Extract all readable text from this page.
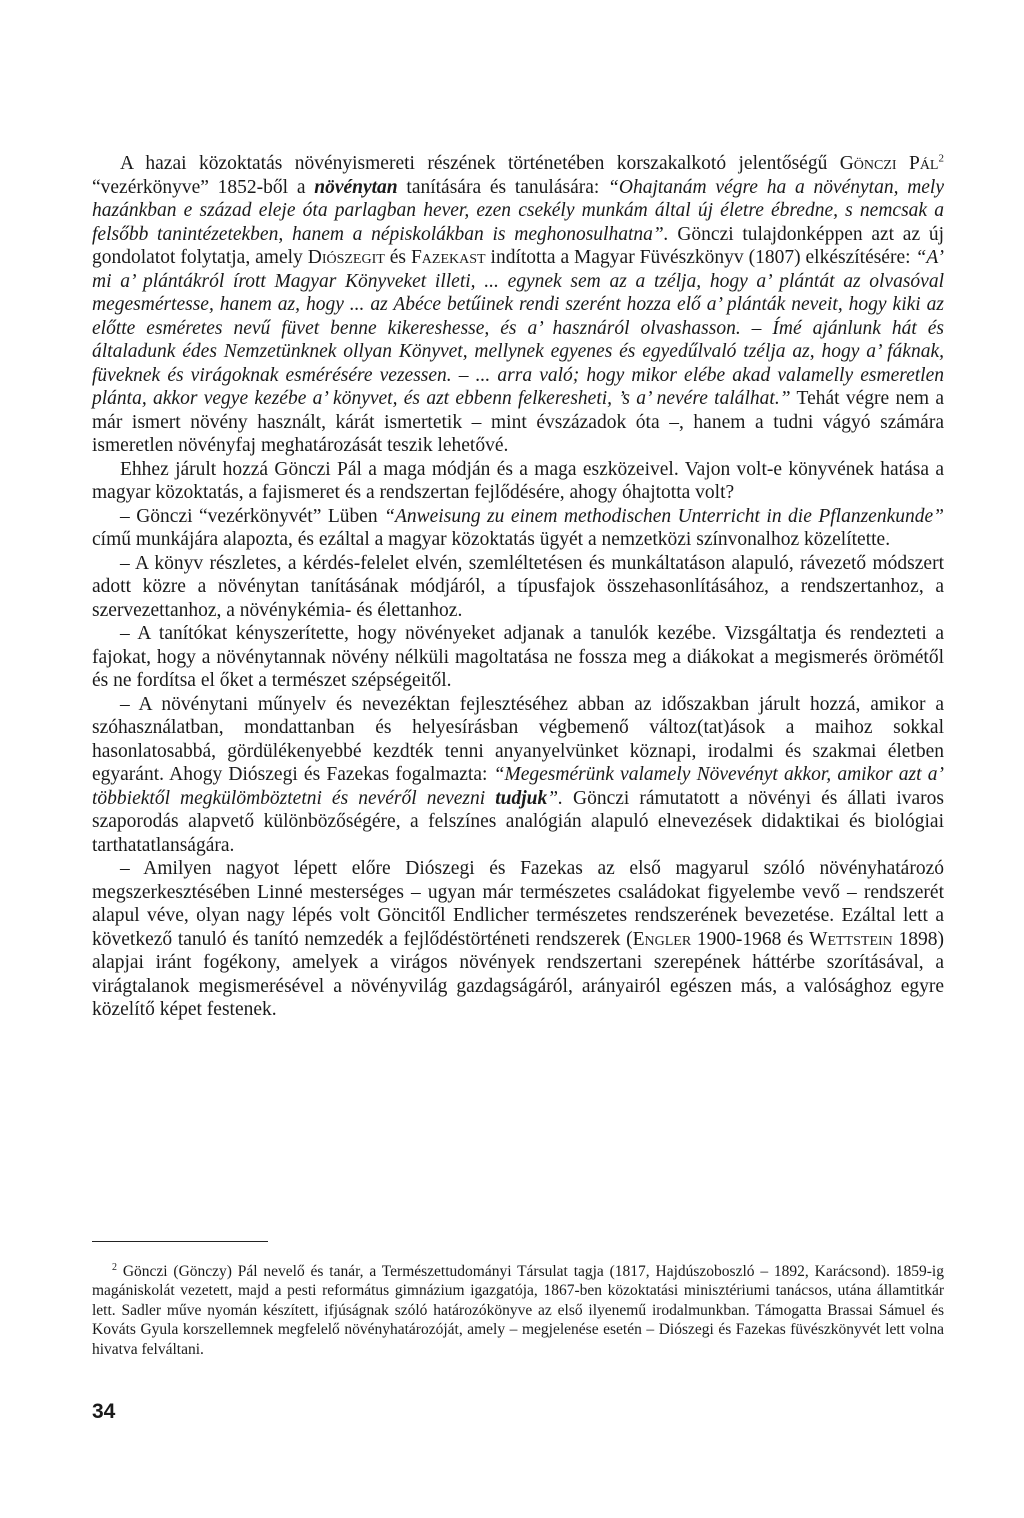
A hazai közoktatás növényismereti részének történetében korszakalkotó jelentőségű Gönczi Pál$^2$ “vezérkönyve” 1852-ből a növénytan tanítására és tanulására: “Ohajtanám végre ha a növénytan, mely hazánkban e század eleje óta parlagban hever, ezen csekély munkám által új életre ébredne, s nemcsak a felsőbb tanintézetekben, hanem a népiskolákban is meghonosulhatna”. Gönczi tulajdonképpen azt az új gondolatot folytatja, amely Diószegit és Fazekast indította a Magyar Füvészkönyv (1807) elkészítésére: “A’ mi a’ plántákról írott Magyar Könyveket illeti, ... egynek sem az a tzélja, hogy a’ plántát az olvasóval megesmértesse, hanem az, hogy ... az Abéce betűinek rendi szerént hozza elő a’ plánták neveit, hogy kiki az előtte esméretes nevű füvet benne kikereshesse, és a’ hasznáról olvashasson. – Ímé ajánlunk hát és általadunk édes Nemzetünknek ollyan Könyvet, mellynek egyenes és egyedűlvaló tzélja az, hogy a’ fáknak, füveknek és virágoknak esmérésére vezessen. – ... arra való; hogy mikor elébe akad valamelly esmeretlen plánta, akkor vegye kezébe a’ könyvet, és azt ebbenn felkeresheti, ’s a’ nevére találhat.” Tehát végre nem a már ismert növény használt, kárát ismertetik – mint évszázadok óta –, hanem a tudni vágyó számára ismeretlen növényfaj meghatározását teszik lehetővé.

Ehhez járult hozzá Gönczi Pál a maga módján és a maga eszközeivel. Vajon volt-e könyvének hatása a magyar közoktatás, a fajismeret és a rendszertan fejlődésére, ahogy óhajtotta volt?

– Gönczi “vezérkönyvét” Lüben “Anweisung zu einem methodischen Unterricht in die Pflanzenkunde” című munkájára alapozta, és ezáltal a magyar közoktatás ügyét a nemzetközi színvonalhoz közelítette.

– A könyv részletes, a kérdés-felelet elvén, szemléltetésen és munkáltatáson alapuló, rávezető módszert adott közre a növénytan tanításának módjáról, a típusfajok összehasonlításához, a rendszertanhoz, a szervezettanhoz, a növénykémia- és élettanhoz.

– A tanítókat kényszerítette, hogy növényeket adjanak a tanulók kezébe. Vizsgáltatja és rendezteti a fajokat, hogy a növénytannak növény nélküli magoltatása ne fossza meg a diákokat a megismerés örömétől és ne fordítsa el őket a természet szépségeitől.

– A növénytani műnyelv és nevezéktan fejlesztéséhez abban az időszakban járult hozzá, amikor a szóhasználatban, mondattanban és helyesírásban végbemenő változ(tat)ások a maihoz sokkal hasonlatosabbá, gördülékenyebbé kezdték tenni anyanyelvünket köznapi, irodalmi és szakmai életben egyaránt. Ahogy Diószegi és Fazekas fogalmazta: “Megesmérünk valamely Növevényt akkor, amikor azt a’ többiektől megkülömböztetni és nevéről nevezni tudjuk”. Gönczi rámutatott a növényi és állati ivaros szaporodás alapvető különbözőségére, a felszínes analógián alapuló elnevezések didaktikai és biológiai tarthatatlanságára.

– Amilyen nagyot lépett előre Diószegi és Fazekas az első magyarul szóló növényhatározó megszerkesztésében Linné mesterséges – ugyan már természetes családokat figyelembe vevő – rendszerét alapul véve, olyan nagy lépés volt Göncitől Endlicher természetes rendszerének bevezetése. Ezáltal lett a következő tanuló és tanító nemzedék a fejlődéstörténeti rendszerek (Engler 1900-1968 és Wettstein 1898) alapjai iránt fogékony, amelyek a virágos növények rendszertani szerepének háttérbe szorításával, a virágtalanok megismerésével a növényvilág gazdagságáról, arányairól egészen más, a valósághoz egyre közelítő képet festenek.

$^2$ Gönczi (Gönczy) Pál nevelő és tanár, a Természettudományi Társulat tagja (1817, Hajdúszoboszló – 1892, Karácsond). 1859-ig magániskolát vezetett, majd a pesti református gimnázium igazgatója, 1867-ben közoktatási minisztériumi tanácsos, utána államtitkár lett. Sadler műve nyomán készített, ifjúságnak szóló határozókönyve az első ilyenemű irodalmunkban. Támogatta Brassai Sámuel és Kováts Gyula korszellemnek megfelelő növényhatározóját, amely – megjelenése esetén – Diószegi és Fazekas füvészkönyvét lett volna hivatva felváltani.

34
